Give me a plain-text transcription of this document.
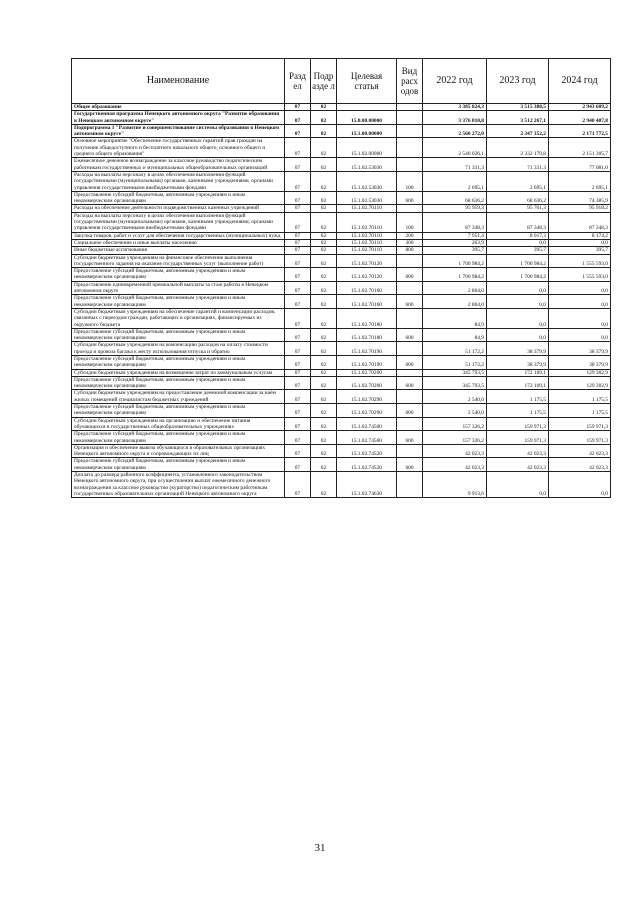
Наименование	Разд ел	Подр азде л	Целевая статья	Вид расх одов	2022 год	2023 год	2024 год
Общее образование	07	02			3 385 824,3	3 515 388,5	2 943 609,2
Государственная программа Ненецкого автономного округа "Развитие образования в Ненецком автономном округе"	07	02	15.0.00.00000		3 376 810,8	3 512 267,1	2 940 487,8
Подпрограмма 1 "Развитие и совершенствование системы образования в Ненецком автономном округе"	07	02	15.1.00.00000		2 560 272,0	2 347 352,2	2 171 772,5
Основное мероприятие "Обеспечение государственных гарантий прав граждан на получение общедоступного и бесплатного начального общего, основного общего и среднего общего образования"	07	02	15.1.02.00000		2 540 026,1	2 332 179,8	2 151 305,7
Ежемесячное денежное вознаграждение за классное руководство педагогическим работникам государственных и муниципальных общеобразовательных организаций	07	02	15.1.02.53030		71 331,3	71 331,3	77 081,0
Расходы на выплаты персоналу в целях обеспечения выполнения функций государственными (муниципальными) органами, казенными учреждениями, органами управления государственными внебюджетными фондами	07	02	15.1.02.53030	100	2 695,1	2 695,1	2 695,1
Предоставление субсидий бюджетным, автономным учреждениям и иным некоммерческим организациям	07	02	15.1.02.53030	600	68 636,2	68 636,2	74 385,9
Расходы на обеспечение деятельности подведомственных казенных учреждений	07	02	15.1.02.70110		95 959,3	95 761,3	95 918,2
Расходы на выплаты персоналу в целях обеспечения выполнения функций государственными (муниципальными) органами, казенными учреждениями, органами управления государственными внебюджетными фондами	07	02	15.1.02.70110	100	87 348,3	87 348,3	87 348,3
Закупка товаров, работ и услуг для обеспечения государственных (муниципальных) нужд	07	02	15.1.02.70110	200	7 951,4	8 017,3	8 174,2
Социальное обеспечение и иные выплаты населению	07	02	15.1.02.70110	300	263,9	0,0	0,0
Иные бюджетные ассигнования	07	02	15.1.02.70110	800	395,7	395,7	395,7
Субсидии бюджетным учреждениям на финансовое обеспечение выполнения государственного задания на оказание государственных услуг (выполнение работ)	07	02	15.1.02.70120		1 700 984,2	1 700 984,2	1 555 593,0
Предоставление субсидий бюджетным, автономным учреждениям и иным некоммерческим организациям	07	02	15.1.02.70120	600	1 700 984,2	1 700 984,2	1 555 593,0
Предоставление единовременной премиальной выплаты за стаж работы в Ненецком автономном округе	07	02	15.1.02.70160		2 864,0	0,0	0,0
Предоставление субсидий бюджетным, автономным учреждениям и иным некоммерческим организациям	07	02	15.1.02.70160	600	2 864,0	0,0	0,0
Субсидии бюджетным учреждениям на обеспечение гарантий и компенсации расходов, связанных с переездом граждан, работающих в организациях, финансируемых из окружного бюджета	07	02	15.1.02.70180		84,9	0,0	0,0
Предоставление субсидий бюджетным, автономным учреждениям и иным некоммерческим организациям	07	02	15.1.02.70180	600	84,9	0,0	0,0
Субсидии бюджетным учреждениям на компенсацию расходов на оплату стоимости проезда и провоза багажа к месту использования отпуска и обратно	07	02	15.1.02.70190		51 172,2	38 379,9	38 379,9
Предоставление субсидий бюджетным, автономным учреждениям и иным некоммерческим организациям	07	02	15.1.02.70190	600	51 172,2	38 379,9	38 379,9
Субсидии бюджетным учреждениям на возмещение затрат по коммунальным услугам	07	02	15.1.02.70200		345 793,5	172 109,1	129 302,9
Предоставление субсидий бюджетным, автономным учреждениям и иным некоммерческим организациям	07	02	15.1.02.70200	600	345 793,5	172 109,1	129 302,9
Субсидии бюджетным учреждениям на предоставление денежной компенсации за наём жилых помещений специалистам бюджетных учреждений	07	02	15.1.02.70290		2 540,0	1 175,5	1 175,5
Предоставление субсидий бюджетным, автономным учреждениям и иным некоммерческим организациям	07	02	15.1.02.70290	600	2 540,0	1 175,5	1 175,5
Субсидии бюджетным учреждениям на организацию и обеспечение питания обучающихся в государственных общеобразовательных учреждениях	07	02	15.1.02.74500		157 326,2	159 971,3	159 971,3
Предоставление субсидий бюджетным, автономным учреждениям и иным некоммерческим организациям	07	02	15.1.02.74500	600	157 326,2	159 971,3	159 971,3
Организация и обеспечение вывоза обучающихся в образовательных организациях Ненецкого автономного округа и сопровождающих их лиц	07	02	15.1.02.74520		42 023,3	42 023,3	42 023,3
Предоставление субсидий бюджетным, автономным учреждениям и иным некоммерческим организациям	07	02	15.1.02.74520	600	42 023,3	42 023,3	42 023,3
Доплата до размера районного коэффициента, установленного законодательством Ненецкого автономного округа, при осуществлении выплат ежемесячного денежного вознаграждения за классное руководство (кураторство) педагогическим работникам государственных образовательных организаций Ненецкого автономного округа	07	02	15.1.02.74630		9 913,6	0,0	0,0
31
